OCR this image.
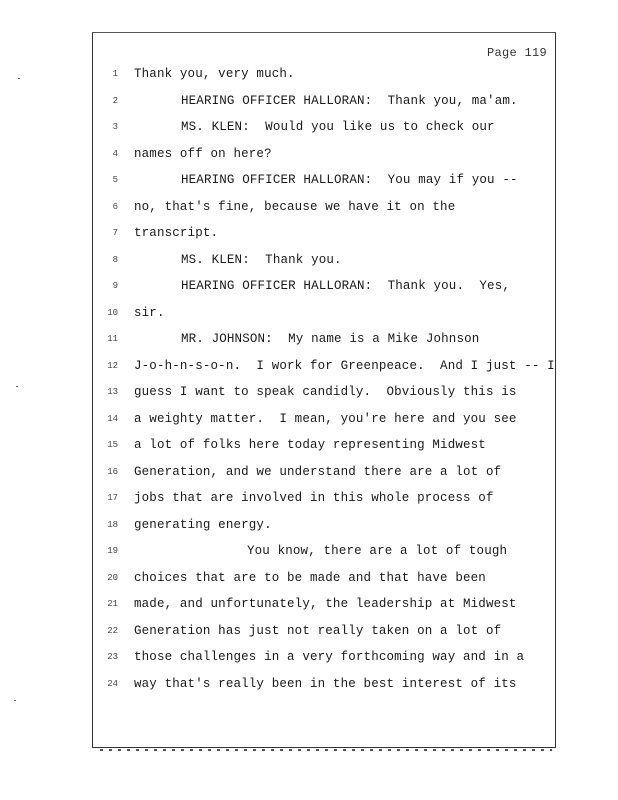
Page 119
1 Thank you, very much.
2	HEARING OFFICER HALLORAN:  Thank you, ma'am.
3	MS. KLEN:  Would you like us to check our
4 names off on here?
5	HEARING OFFICER HALLORAN:  You may if you --
6 no, that's fine, because we have it on the
7 transcript.
8	MS. KLEN:  Thank you.
9	HEARING OFFICER HALLORAN:  Thank you.  Yes,
10 sir.
11	MR. JOHNSON:  My name is a Mike Johnson
12 J-o-h-n-s-o-n.  I work for Greenpeace.  And I just -- I
13 guess I want to speak candidly.  Obviously this is
14 a weighty matter.  I mean, you're here and you see
15 a lot of folks here today representing Midwest
16 Generation, and we understand there are a lot of
17 jobs that are involved in this whole process of
18 generating energy.
19	You know, there are a lot of tough
20 choices that are to be made and that have been
21 made, and unfortunately, the leadership at Midwest
22 Generation has just not really taken on a lot of
23 those challenges in a very forthcoming way and in a
24 way that's really been in the best interest of its
